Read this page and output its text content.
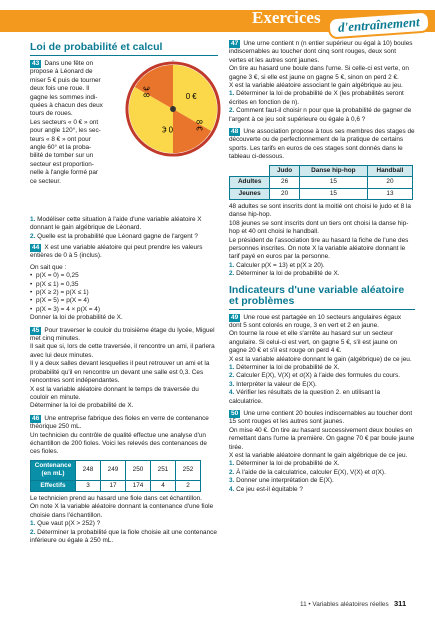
Exercices	d'entraînement
Loi de probabilité et calcul
43 Dans une fête on
propose à Léonard de
miser 5 € puis de tourner
deux fois une roue. Il
gagne les sommes indi-
quées à chacun des deux
tours de roues.
Les secteurs « 0 € » ont
pour angle 120°, les sec-
teurs « 8 € » ont pour
angle 60° et la proba-
bilité de tomber sur un
secteur est proportion-
nelle à l'angle formé par
ce secteur.
0 €
8 €
0 €
8 €
1. Modéliser cette situation à l'aide d'une variable aléatoire X donnant le gain algébrique de Léonard.
2. Quelle est la probabilité que Léonard gagne de l'argent ?

44 X est une variable aléatoire qui peut prendre les valeurs entières de 0 à 5 (inclus).

On sait que :
• p(X = 0) = 0,25
• p(X ≤ 1) = 0,35
• p(X ≥ 2) = p(X ≤ 1)
• p(X = 5) = p(X = 4)
• p(X = 3) = 4 × p(X = 4)

Donner la loi de probabilité de X.

45 Pour traverser le couloir du troisième étage du lycée, Miguel met cinq minutes.
Il sait que si, lors de cette traversée, il rencontre un ami, il parlera avec lui deux minutes.
Il y a deux salles devant lesquelles il peut retrouver un ami et la probabilité qu'il en rencontre un devant une salle est 0,3. Ces rencontres sont indépendantes.
X est la variable aléatoire donnant le temps de traversée du couloir en minute.
Déterminer la loi de probabilité de X.
46 Une entreprise fabrique des fioles en verre de contenance théorique 250 mL.
Un technicien du contrôle de qualité effectue une analyse d'un échantillon de 200 fioles. Voici les relevés des contenances de ces fioles.
Contenance (en mL)	248	249	250	251	252
Effectifs	3	17	174	4	2
Le technicien prend au hasard une fiole dans cet échantillon.
On note X la variable aléatoire donnant la contenance d'une fiole choisie dans l'échantillon.
1. Que vaut p(X > 252) ?
2. Déterminer la probabilité que la fiole choisie ait une contenance inférieure ou égale à 250 mL.
47 Une urne contient n (n entier supérieur ou égal à 10) boules indiscernables au toucher dont cinq sont rouges, deux sont vertes et les autres sont jaunes.
On tire au hasard une boule dans l'urne. Si celle-ci est verte, on gagne 3 €, si elle est jaune on gagne 5 €, sinon on perd 2 €.
X est la variable aléatoire associant le gain algébrique au jeu.
1. Déterminer la loi de probabilité de X (les probabilités seront écrites en fonction de n).
2. Comment faut-il choisir n pour que la probabilité de gagner de l'argent à ce jeu soit supérieure ou égale à 0,6 ?
48 Une association propose à tous ses membres des stages de découverte ou de perfectionnement de la pratique de certains sports. Les tarifs en euros de ces stages sont donnés dans le tableau ci-dessous.
	Judo	Danse hip-hop	Handball
Adultes	26	15	20
Jeunes	20	15	13
48 adultes se sont inscrits dont la moitié ont choisi le judo et 8 la danse hip-hop.
108 jeunes se sont inscrits dont un tiers ont choisi la danse hip-hop et 40 ont choisi le handball.
Le président de l'association tire au hasard la fiche de l'une des personnes inscrites. On note X la variable aléatoire donnant le tarif payé en euros par la personne.
1. Calculer p(X = 13) et p(X ≥ 20).
2. Déterminer la loi de probabilité de X.
Indicateurs d'une variable aléatoire et problèmes
49 Une roue est partagée en 10 secteurs angulaires égaux dont 5 sont colorés en rouge, 3 en vert et 2 en jaune.
On tourne la roue et elle s'arrête au hasard sur un secteur angulaire. Si celui-ci est vert, on gagne 5 €, s'il est jaune on gagne 20 € et s'il est rouge on perd 4 €.
X est la variable aléatoire donnant le gain (algébrique) de ce jeu.
1. Déterminer la loi de probabilité de X.
2. Calculer E(X), V(X) et σ(X) à l'aide des formules du cours.
3. Interpréter la valeur de E(X).
4. Vérifier les résultats de la question 2. en utilisant la calculatrice.
50 Une urne contient 20 boules indiscernables au toucher dont 15 sont rouges et les autres sont jaunes.
On mise 40 €. On tire au hasard successivement deux boules en remettant dans l'urne la première. On gagne 70 € par boule jaune tirée.
X est la variable aléatoire donnant le gain algébrique de ce jeu.
1. Déterminer la loi de probabilité de X.
2. À l'aide de la calculatrice, calculer E(X), V(X) et σ(X).
3. Donner une interprétation de E(X).
4. Ce jeu est-il équitable ?
11 • Variables aléatoires réelles 311
